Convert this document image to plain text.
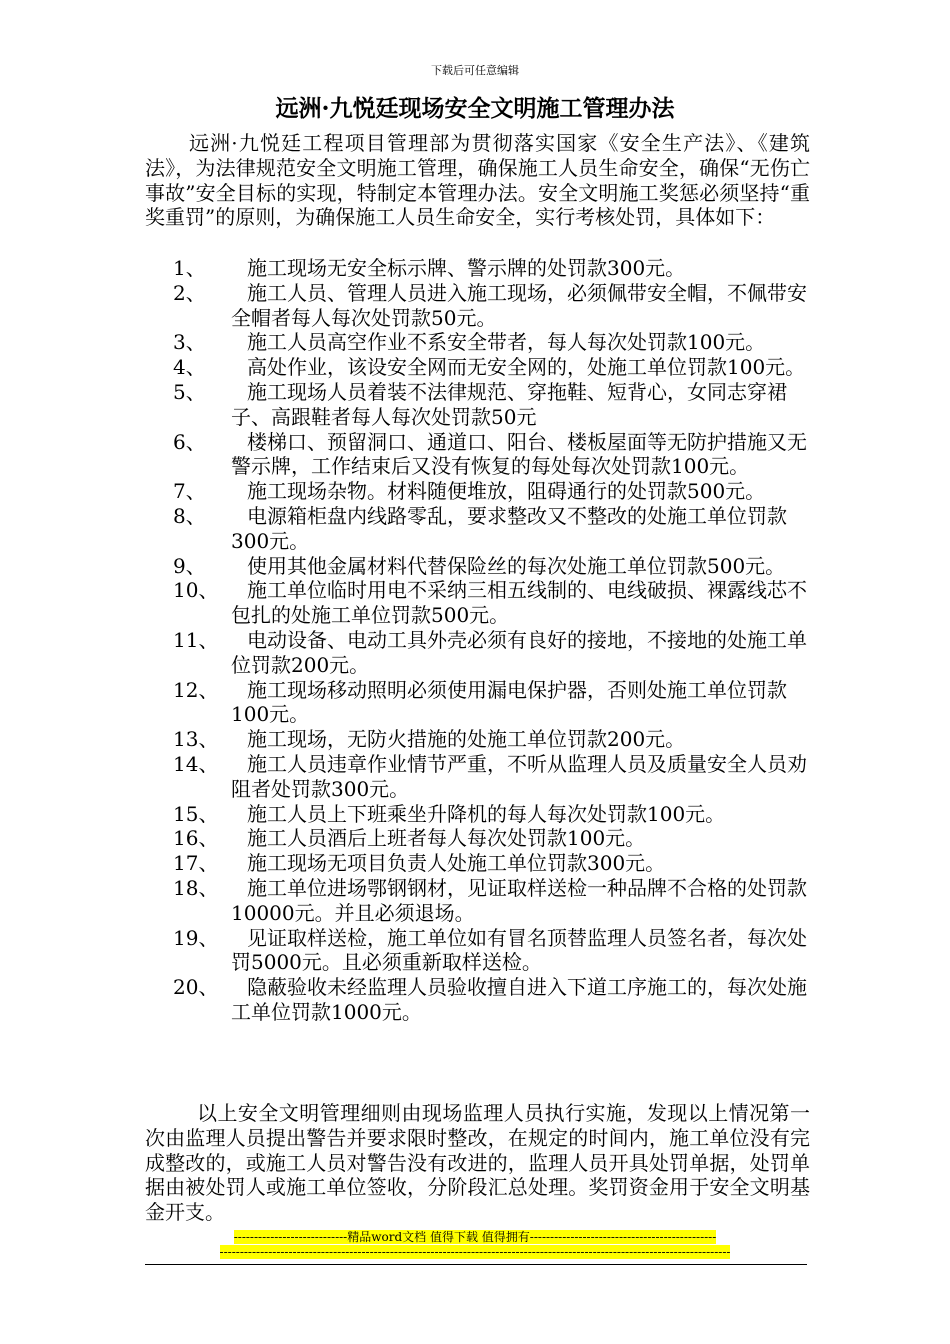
下载后可任意编辑
远洲·九悦廷现场安全文明施工管理办法
远洲·九悦廷工程项目管理部为贯彻落实国家《安全生产法》、《建筑法》，为法律规范安全文明施工管理，确保施工人员生命安全，确保“无伤亡事故”安全目标的实现，特制定本管理办法。安全文明施工奖惩必须坚持“重奖重罚”的原则，为确保施工人员生命安全，实行考核处罚，具体如下：
1、	施工现场无安全标示牌、警示牌的处罚款300元。
2、	施工人员、管理人员进入施工现场，必须佩带安全帽，不佩带安全帽者每人每次处罚款50元。
3、	施工人员高空作业不系安全带者，每人每次处罚款100元。
4、	高处作业，该设安全网而无安全网的，处施工单位罚款100元。
5、	施工现场人员着装不法律规范、穿拖鞋、短背心，女同志穿裙子、高跟鞋者每人每次处罚款50元
6、	楼梯口、预留洞口、通道口、阳台、楼板屋面等无防护措施又无警示牌，工作结束后又没有恢复的每处每次处罚款100元。
7、	施工现场杂物。材料随便堆放，阻碍通行的处罚款500元。
8、	电源箱柜盘内线路零乱，要求整改又不整改的处施工单位罚款300元。
9、	使用其他金属材料代替保险丝的每次处施工单位罚款500元。
10、	施工单位临时用电不采纳三相五线制的、电线破损、裸露线芯不包扎的处施工单位罚款500元。
11、	电动设备、电动工具外壳必须有良好的接地，不接地的处施工单位罚款200元。
12、	施工现场移动照明必须使用漏电保护器，否则处施工单位罚款100元。
13、	施工现场，无防火措施的处施工单位罚款200元。
14、	施工人员违章作业情节严重，不听从监理人员及质量安全人员劝阻者处罚款300元。
15、	施工人员上下班乘坐升降机的每人每次处罚款100元。
16、	施工人员酒后上班者每人每次处罚款100元。
17、	施工现场无项目负责人处施工单位罚款300元。
18、	施工单位进场鄂钢钢材，见证取样送检一种品牌不合格的处罚款10000元。并且必须退场。
19、	见证取样送检，施工单位如有冒名顶替监理人员签名者，每次处罚5000元。且必须重新取样送检。
20、	隐蔽验收未经监理人员验收擅自进入下道工序施工的，每次处施工单位罚款1000元。
以上安全文明管理细则由现场监理人员执行实施，发现以上情况第一次由监理人员提出警告并要求限时整改，在规定的时间内，施工单位没有完成整改的，或施工人员对警告没有改进的，监理人员开具处罚单据，处罚单据由被处罚人或施工单位签收，分阶段汇总处理。奖罚资金用于安全文明基金开支。
----------------------------精品word文档 值得下载 值得拥有----------------------------------------------
------------------------------------------------------------------------------------------------------------------------------
